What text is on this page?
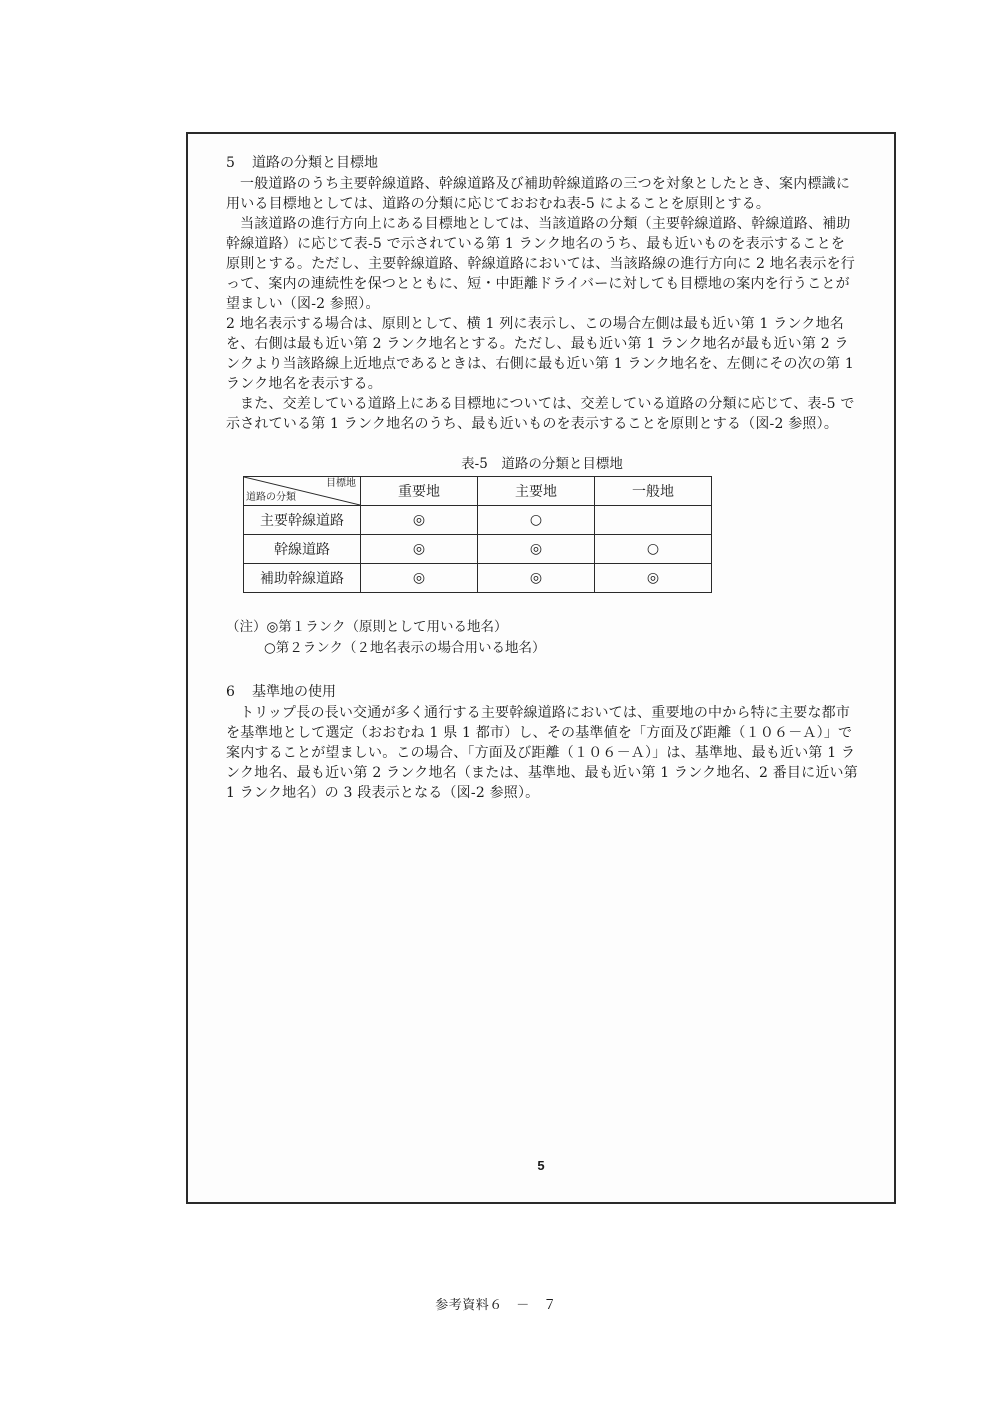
5 道路の分類と目標地

一般道路のうち主要幹線道路、幹線道路及び補助幹線道路の三つを対象としたとき、案内標識に用いる目標地としては、道路の分類に応じておおむね表-5 によることを原則とする。

当該道路の進行方向上にある目標地としては、当該道路の分類（主要幹線道路、幹線道路、補助幹線道路）に応じて表-5 で示されている第 1 ランク地名のうち、最も近いものを表示することを原則とする。ただし、主要幹線道路、幹線道路においては、当該路線の進行方向に 2 地名表示を行って、案内の連続性を保つとともに、短・中距離ドライバーに対しても目標地の案内を行うことが望ましい（図-2 参照）。

2 地名表示する場合は、原則として、横 1 列に表示し、この場合左側は最も近い第 1 ランク地名を、右側は最も近い第 2 ランク地名とする。ただし、最も近い第 1 ランク地名が最も近い第 2 ランクより当該路線上近地点であるときは、右側に最も近い第 1 ランク地名を、左側にその次の第 1 ランク地名を表示する。

また、交差している道路上にある目標地については、交差している道路の分類に応じて、表-5 で示されている第 1 ランク地名のうち、最も近いものを表示することを原則とする（図-2 参照）。

表-5　道路の分類と目標地
目標地
道路の分類	重要地	主要地	一般地
主要幹線道路	◎	○	
幹線道路	◎	◎	○
補助幹線道路	◎	◎	◎
（注）◎第１ランク（原則として用いる地名）
○第２ランク（２地名表示の場合用いる地名）

6 基準地の使用

トリップ長の長い交通が多く通行する主要幹線道路においては、重要地の中から特に主要な都市を基準地として選定（おおむね 1 県 1 都市）し、その基準値を「方面及び距離（１０６－Ａ）」で案内することが望ましい。この場合、「方面及び距離（１０６－Ａ）」は、基準地、最も近い第 1 ランク地名、最も近い第 2 ランク地名（または、基準地、最も近い第 1 ランク地名、2 番目に近い第 1 ランク地名）の 3 段表示となる（図-2 参照）。

5
参考資料６　－　７
